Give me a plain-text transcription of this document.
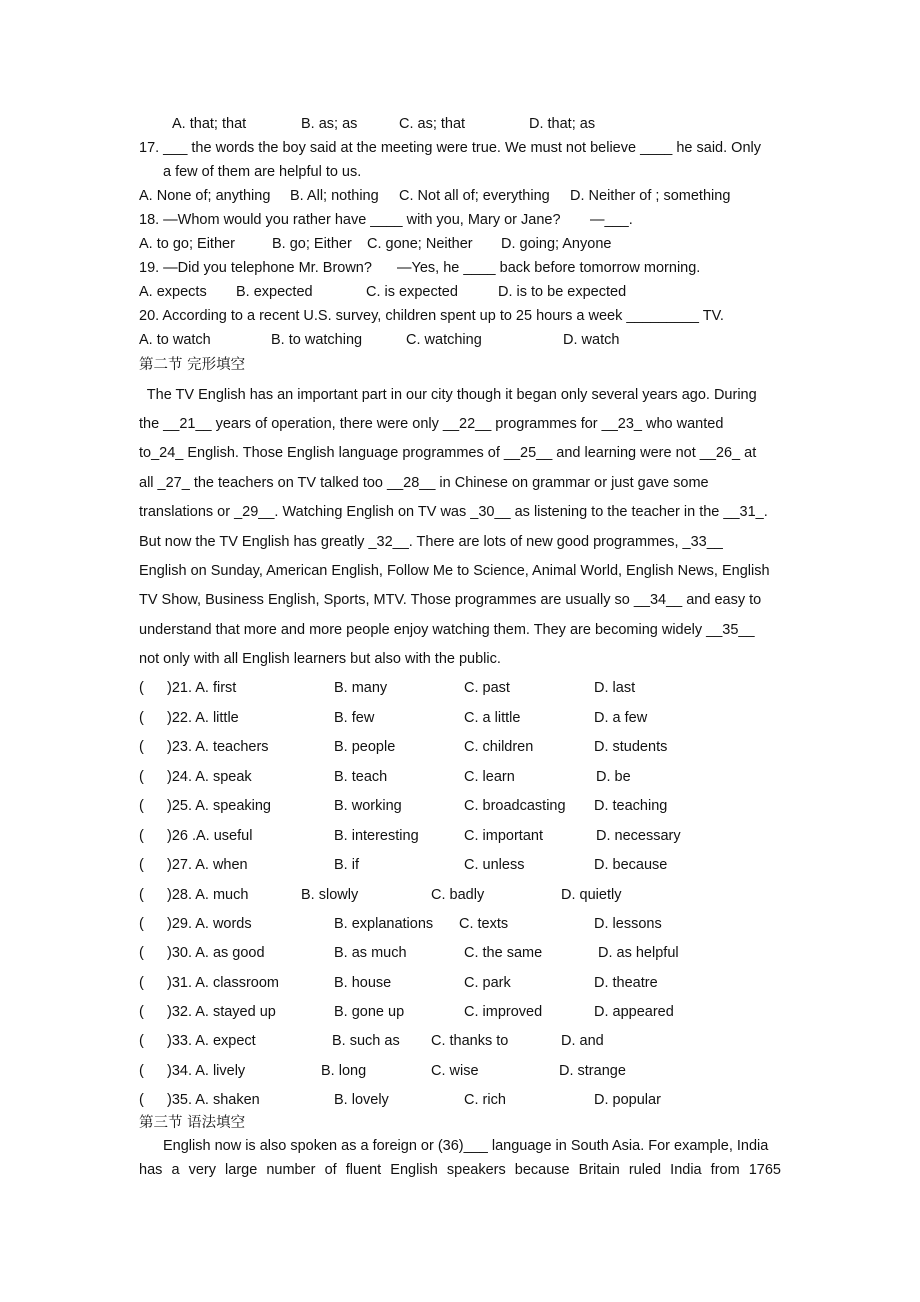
A. that; that	B. as; as	C. as; that	D. that; as
17. ___ the words the boy said at the meeting were true. We must not believe ____ he said. Only
a few of them are helpful to us.
A. None of; anything B. All; nothing C. Not all of; everything D. Neither of ; something
18. —Whom would you rather have ____ with you, Mary or Jane? —___.
A. to go; Either	B. go; Either C. gone; Neither D. going; Anyone
19. —Did you telephone Mr. Brown? —Yes, he ____ back before tomorrow morning.
A. expects B. expected	C. is expected	D. is to be expected
20. According to a recent U.S. survey, children spent up to 25 hours a week _________ TV.
A. to watch	B. to watching	C. watching	D. watch
第二节 完形填空
The TV English has an important part in our city though it began only several years ago. During
the __21__ years of operation, there were only __22__ programmes for __23_ who wanted
to_24_ English. Those English language programmes of __25__ and learning were not __26_ at
all _27_ the teachers on TV talked too __28__ in Chinese on grammar or just gave some
translations or _29__. Watching English on TV was _30__ as listening to the teacher in the __31_.
But now the TV English has greatly _32__. There are lots of new good programmes, _33__
English on Sunday, American English, Follow Me to Science, Animal World, English News, English
TV Show, Business English, Sports, MTV. Those programmes are usually so __34__ and easy to
understand that more and more people enjoy watching them. They are becoming widely __35__
not only with all English learners but also with the public.
( )21. A. first	B. many	C. past	D. last
( )22. A. little	B. few	C. a little	D. a few
( )23. A. teachers	B. people	C. children	D. students
( )24. A. speak	B. teach	C. learn	D. be
( )25. A. speaking	B. working	C. broadcasting D. teaching
( )26 .A. useful	B. interesting	C. important	D. necessary
( )27. A. when	B. if	C. unless	D. because
( )28. A. much	B. slowly	C. badly	D. quietly
( )29. A. words	B. explanations C. texts	D. lessons
( )30. A. as good	B. as much	C. the same	D. as helpful
( )31. A. classroom	B. house	C. park	D. theatre
( )32. A. stayed up	B. gone up	C. improved	D. appeared
( )33. A. expect	B. such as C. thanks to	D. and
( )34. A. lively	B. long	C. wise	D. strange
( )35. A. shaken	B. lovely	C. rich	D. popular
第三节 语法填空
English now is also spoken as a foreign or (36)___ language in South Asia. For example, India
has a very large number of fluent English speakers because Britain ruled India from 1765
